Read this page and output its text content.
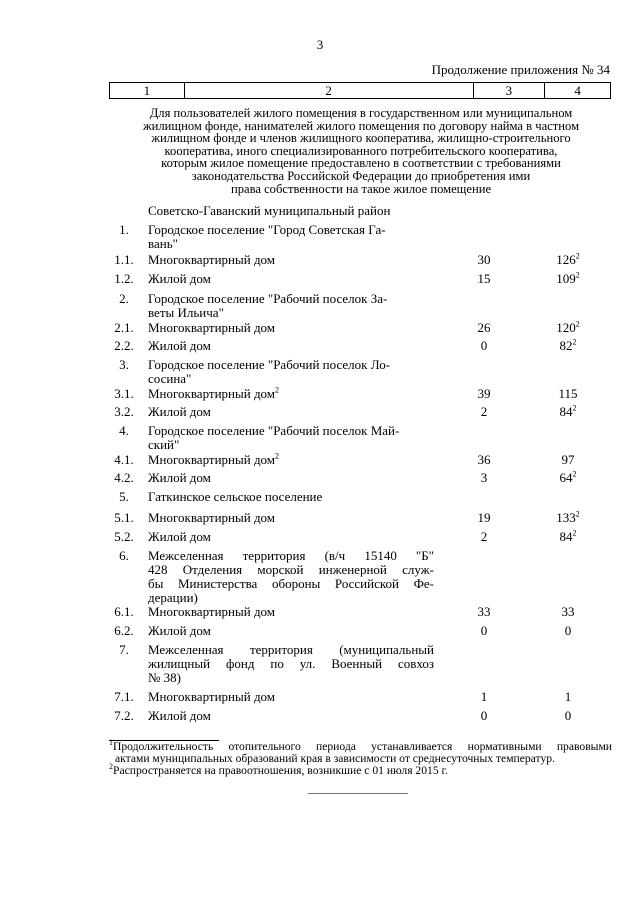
3
Продолжение приложения № 34
1	2	3	4
Для пользователей жилого помещения в государственном или муниципальном
жилищном фонде, нанимателей жилого помещения по договору найма в частном
жилищном фонде и членов жилищного кооператива, жилищно-строительного
кооператива, иного специализированного потребительского кооператива,
которым жилое помещение предоставлено в соответствии с требованиями
законодательства Российской Федерации до приобретения ими
права собственности на такое жилое помещение
Советско-Гаванский муниципальный район
1.	Городское поселение "Город Советская Га-
вань"
1.1.	Многоквартирный дом	30	$126^2$
1.2.	Жилой дом	15	$109^2$
2.	Городское поселение "Рабочий поселок За-
веты Ильича"
2.1.	Многоквартирный дом	26	$120^2$
2.2.	Жилой дом	0	$82^2$
3.	Городское поселение "Рабочий поселок Ло-
сосина"
3.1.	Многоквартирный дом$^2$	39	115
3.2.	Жилой дом	2	$84^2$
4.	Городское поселение "Рабочий поселок Май-
ский"
4.1.	Многоквартирный дом$^2$	36	97
4.2.	Жилой дом	3	$64^2$
5.	Гаткинское сельское поселение
5.1.	Многоквартирный дом	19	$133^2$
5.2.	Жилой дом	2	$84^2$
6.	Межселенная территория (в/ч 15140 "Б"
428 Отделения морской инженерной служ-
бы Министерства обороны Российской Фе-
дерации)
6.1.	Многоквартирный дом	33	33
6.2.	Жилой дом	0	0
7.	Межселенная территория (муниципальный
жилищный фонд по ул. Военный совхоз
№ 38)
7.1.	Многоквартирный дом	1	1
7.2.	Жилой дом	0	0
$^1$Продолжительность отопительного периода устанавливается нормативными правовыми
актами муниципальных образований края в зависимости от среднесуточных температур.
$^2$Распространяется на правоотношения, возникшие с 01 июля 2015 г.
